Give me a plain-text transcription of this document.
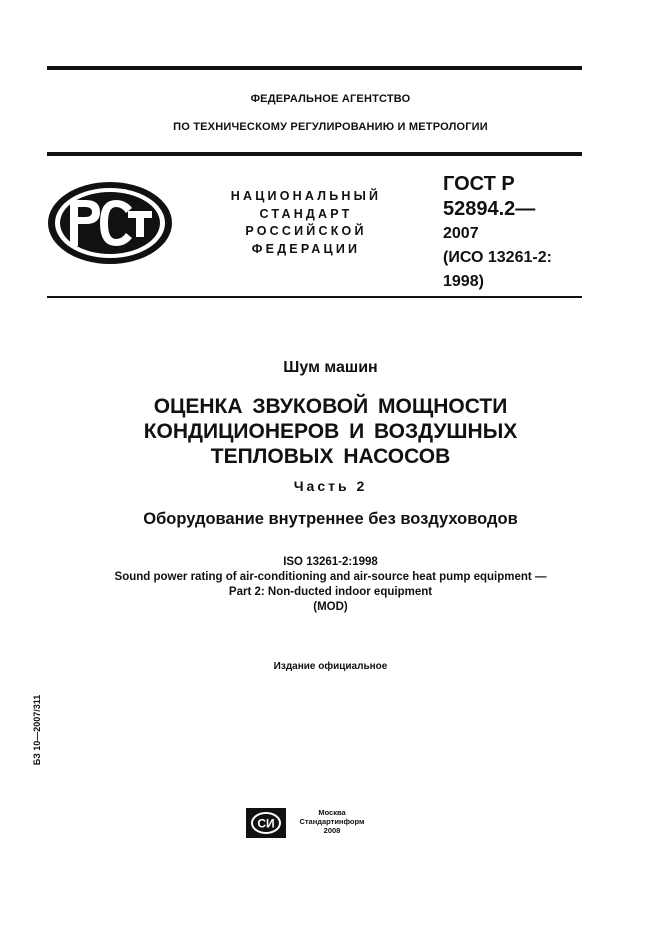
ФЕДЕРАЛЬНОЕ АГЕНТСТВО
ПО ТЕХНИЧЕСКОМУ РЕГУЛИРОВАНИЮ И МЕТРОЛОГИИ
НАЦИОНАЛЬНЫЙ
СТАНДАРТ
РОССИЙСКОЙ
ФЕДЕРАЦИИ
ГОСТ Р
52894.2—
2007
(ИСО 13261-2:
1998)
Шум машин
ОЦЕНКА ЗВУКОВОЙ МОЩНОСТИ
КОНДИЦИОНЕРОВ И ВОЗДУШНЫХ
ТЕПЛОВЫХ НАСОСОВ
Часть 2
Оборудование внутреннее без воздуховодов
ISO 13261-2:1998
Sound power rating of air-conditioning and air-source heat pump equipment —
Part 2: Non-ducted indoor equipment
(MOD)
Издание официальное
БЗ 10—2007/311
СИ
Москва
Стандартинформ
2008
